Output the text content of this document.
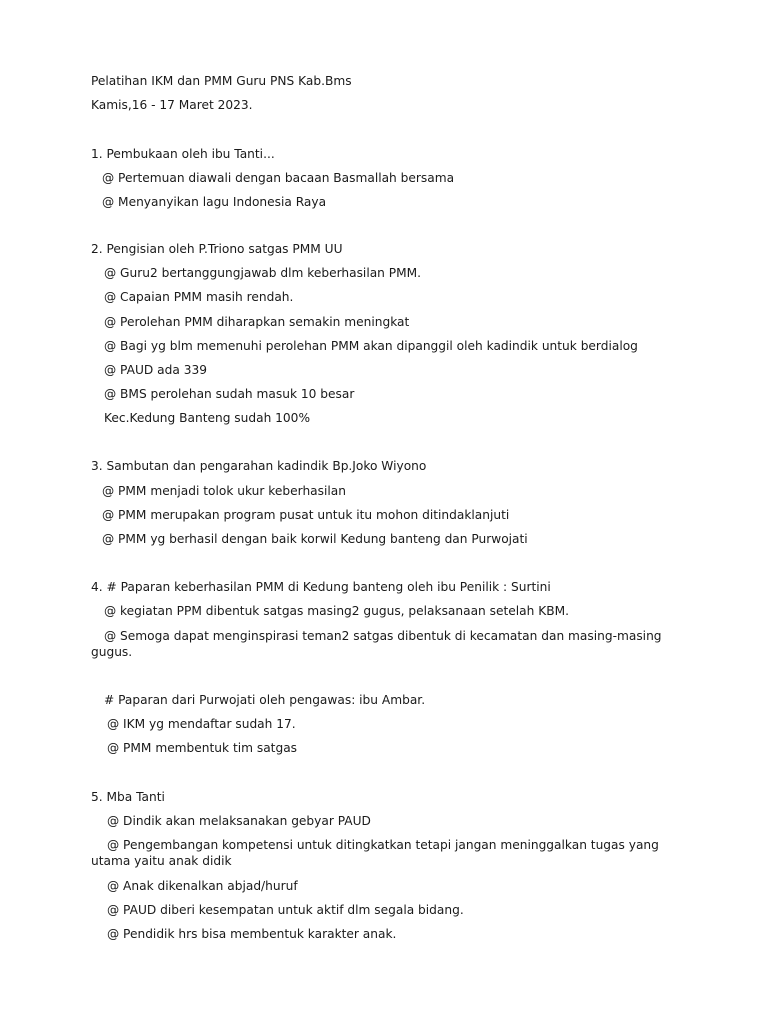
Pelatihan IKM dan PMM Guru PNS Kab.Bms

Kamis,16 - 17 Maret 2023.

1. Pembukaan oleh ibu Tanti...

@ Pertemuan diawali dengan bacaan Basmallah bersama

@ Menyanyikan lagu Indonesia Raya

2. Pengisian oleh P.Triono satgas PMM UU

@ Guru2 bertanggungjawab dlm keberhasilan PMM.

@ Capaian PMM masih rendah.

@ Perolehan PMM diharapkan semakin meningkat

@ Bagi yg blm memenuhi perolehan PMM akan dipanggil oleh kadindik untuk berdialog

@ PAUD ada 339

@ BMS perolehan sudah masuk 10 besar

Kec.Kedung Banteng sudah 100%

3. Sambutan dan pengarahan kadindik Bp.Joko Wiyono

@ PMM menjadi tolok ukur keberhasilan

@ PMM merupakan program pusat untuk itu mohon ditindaklanjuti

@ PMM yg berhasil dengan baik korwil Kedung banteng dan Purwojati

4. # Paparan keberhasilan PMM di Kedung banteng oleh ibu Penilik : Surtini

@ kegiatan PPM dibentuk satgas masing2 gugus, pelaksanaan setelah KBM.

@ Semoga dapat menginspirasi teman2 satgas dibentuk di kecamatan dan masing-masing

gugus.

# Paparan dari Purwojati oleh pengawas: ibu Ambar.

@ IKM yg mendaftar sudah 17.

@ PMM membentuk tim satgas

5. Mba Tanti

@ Dindik akan melaksanakan gebyar PAUD

@ Pengembangan kompetensi untuk ditingkatkan tetapi jangan meninggalkan tugas yang

utama yaitu anak didik

@ Anak dikenalkan abjad/huruf

@ PAUD diberi kesempatan untuk aktif dlm segala bidang.

@ Pendidik hrs bisa membentuk karakter anak.
